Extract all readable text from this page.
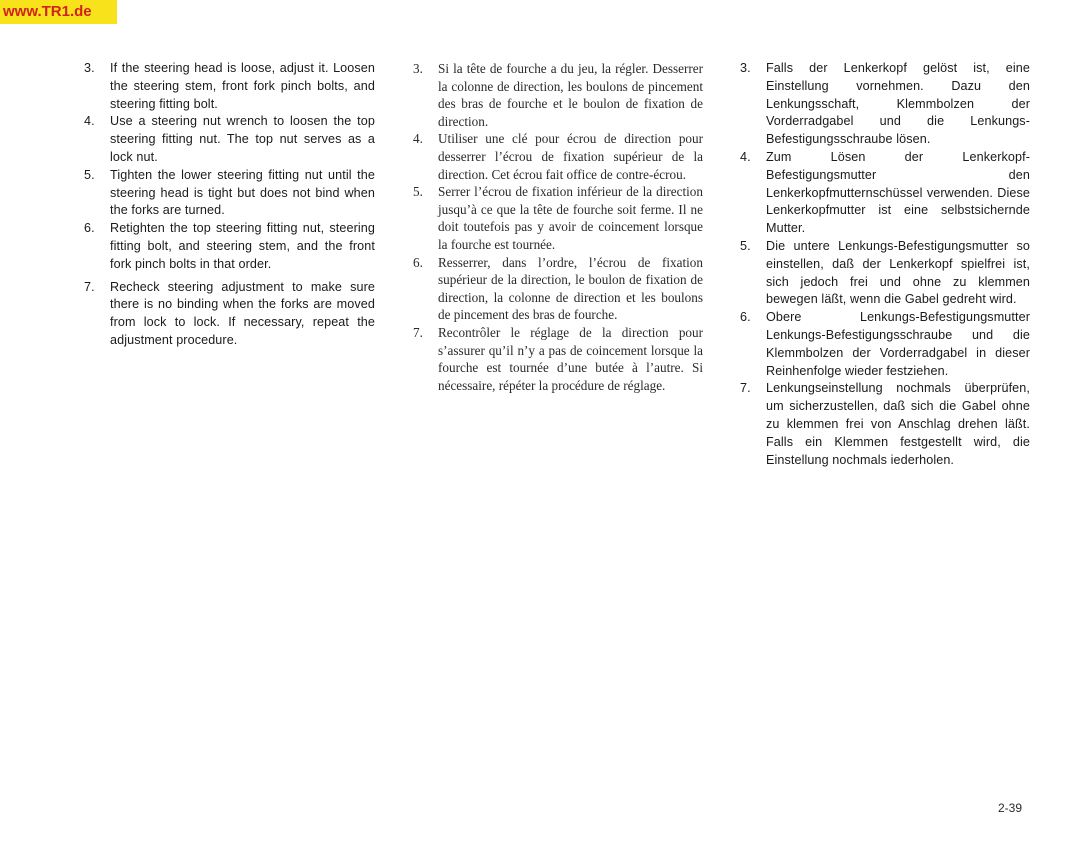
www.TR1.de
3.	If the steering head is loose, adjust it. Loosen the steering stem, front fork pinch bolts, and steering fitting bolt.
4.	Use a steering nut wrench to loosen the top steering fitting nut. The top nut serves as a lock nut.
5.	Tighten the lower steering fitting nut until the steering head is tight but does not bind when the forks are turned.
6.	Retighten the top steering fitting nut, steering fitting bolt, and steering stem, and the front fork pinch bolts in that order.
7.	Recheck steering adjustment to make sure there is no binding when the forks are moved from lock to lock. If necessary, repeat the adjustment procedure.
3.	Si la tête de fourche a du jeu, la régler. Desserrer la colonne de direction, les boulons de pincement des bras de fourche et le boulon de fixation de direction.
4.	Utiliser une clé pour écrou de direction pour desserrer l’écrou de fixation supérieur de la direction. Cet écrou fait office de contre-écrou.
5.	Serrer l’écrou de fixation inférieur de la direction jusqu’à ce que la tête de fourche soit ferme. Il ne doit toutefois pas y avoir de coincement lorsque la fourche est tournée.
6.	Resserrer, dans l’ordre, l’écrou de fixation supérieur de la direction, le boulon de fixation de direction, la colonne de direction et les boulons de pincement des bras de fourche.
7.	Recontrôler le réglage de la direction pour s’assurer qu’il n’y a pas de coincement lorsque la fourche est tournée d’une butée à l’autre. Si nécessaire, répéter la procédure de réglage.
3.	Falls der Lenkerkopf gelöst ist, eine Einstellung vornehmen. Dazu den Lenkungsschaft, Klemmbolzen der Vorderradgabel und die Lenkungs-Befestigungsschraube lösen.
4.	Zum Lösen der Lenkerkopf-Befestigungsmutter den Lenkerkopfmutternschüssel verwenden. Diese Lenkerkopfmutter ist eine selbstsichernde Mutter.
5.	Die untere Lenkungs-Befestigungsmutter so einstellen, daß der Lenkerkopf spielfrei ist, sich jedoch frei und ohne zu klemmen bewegen läßt, wenn die Gabel gedreht wird.
6.	Obere Lenkungs-Befestigungsmutter Lenkungs-Befestigungsschraube und die Klemmbolzen der Vorderradgabel in dieser Reinhenfolge wieder festziehen.
7.	Lenkungseinstellung nochmals überprüfen, um sicherzustellen, daß sich die Gabel ohne zu klemmen frei von Anschlag drehen läßt. Falls ein Klemmen festgestellt wird, die Einstellung nochmals iederholen.
2-39
